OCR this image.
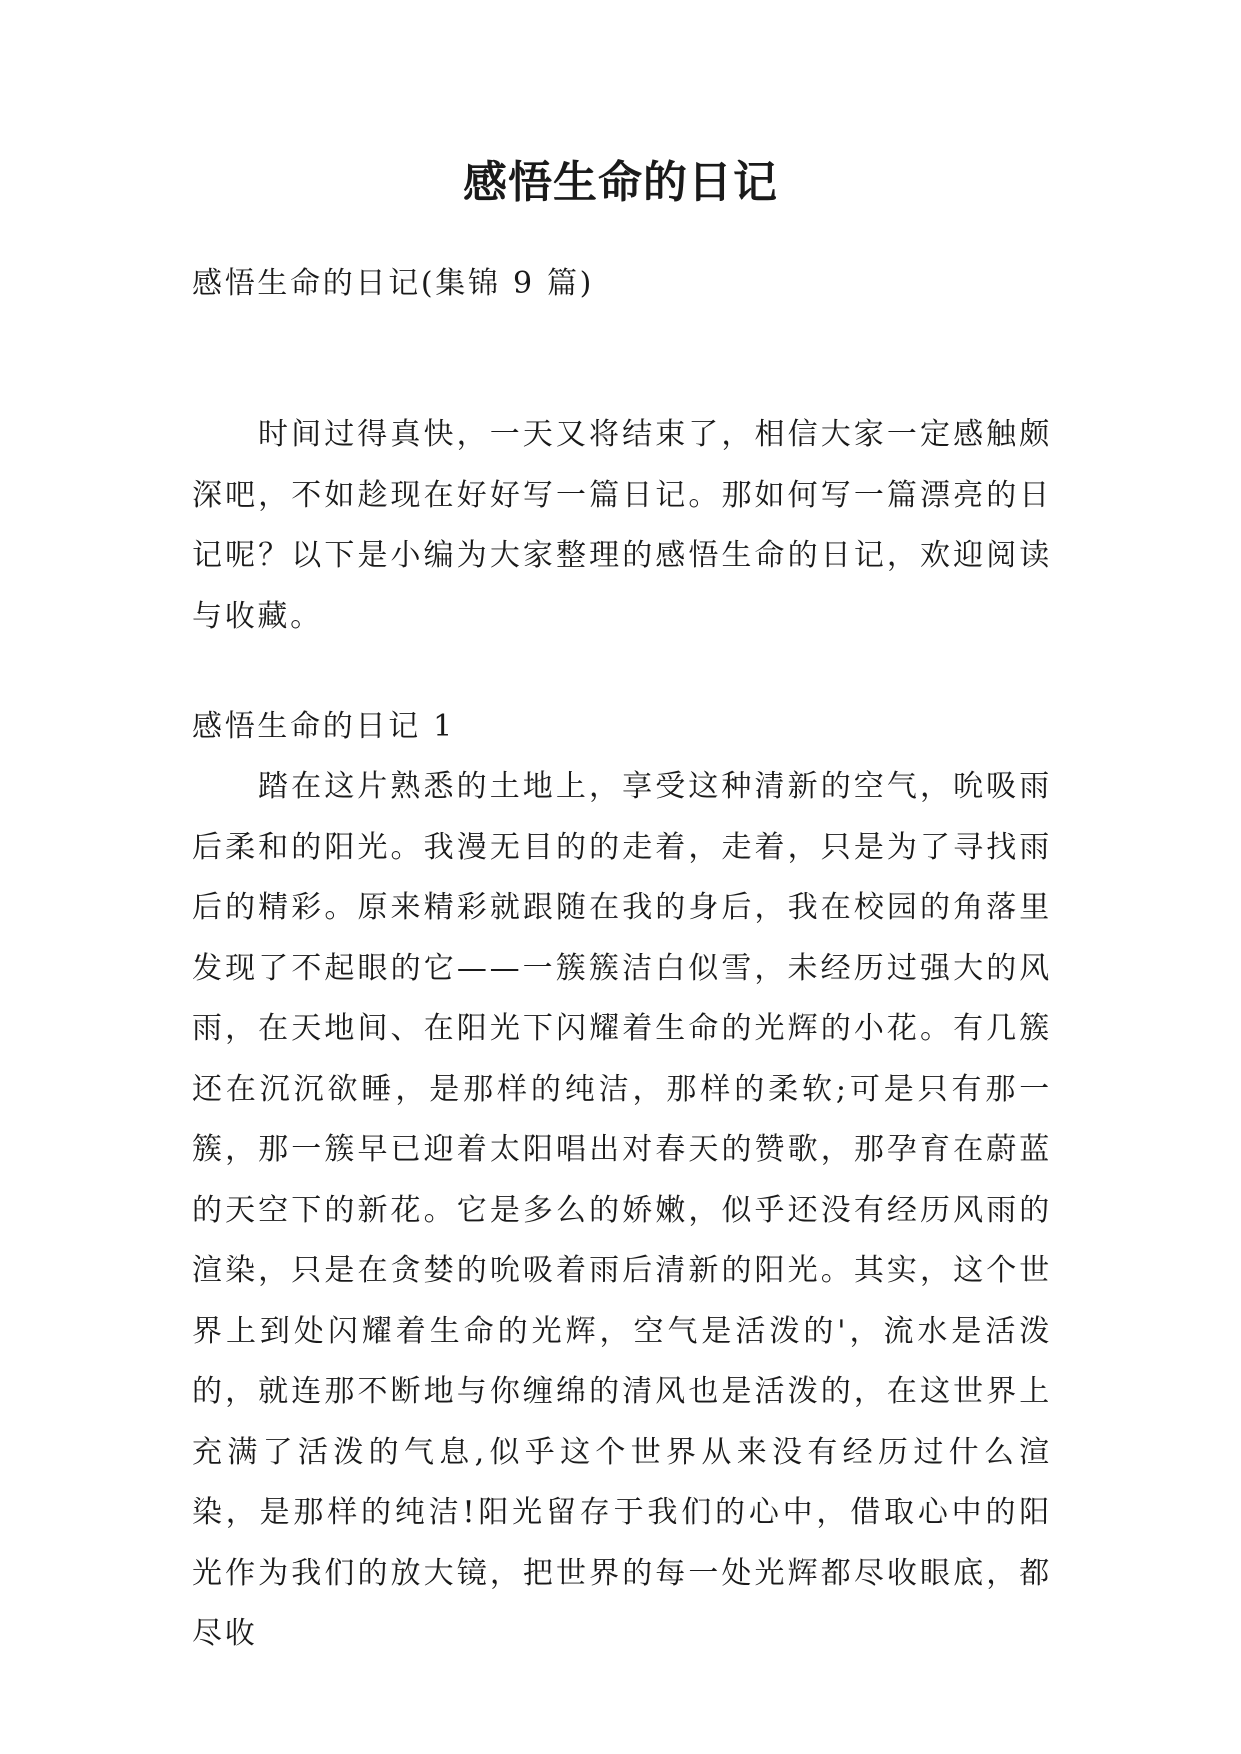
感悟生命的日记

感悟生命的日记(集锦 9 篇)

时间过得真快，一天又将结束了，相信大家一定感触颇深吧，不如趁现在好好写一篇日记。那如何写一篇漂亮的日记呢？以下是小编为大家整理的感悟生命的日记，欢迎阅读与收藏。

感悟生命的日记 1

踏在这片熟悉的土地上，享受这种清新的空气，吮吸雨后柔和的阳光。我漫无目的的走着，走着，只是为了寻找雨后的精彩。原来精彩就跟随在我的身后，我在校园的角落里发现了不起眼的它——一簇簇洁白似雪，未经历过强大的风雨，在天地间、在阳光下闪耀着生命的光辉的小花。有几簇还在沉沉欲睡，是那样的纯洁，那样的柔软;可是只有那一簇，那一簇早已迎着太阳唱出对春天的赞歌，那孕育在蔚蓝的天空下的新花。它是多么的娇嫩，似乎还没有经历风雨的渲染，只是在贪婪的吮吸着雨后清新的阳光。其实，这个世界上到处闪耀着生命的光辉，空气是活泼的'，流水是活泼的，就连那不断地与你缠绵的清风也是活泼的，在这世界上充满了活泼的气息,似乎这个世界从来没有经历过什么渲染，是那样的纯洁!阳光留存于我们的心中，借取心中的阳光作为我们的放大镜，把世界的每一处光辉都尽收眼底，都尽收
